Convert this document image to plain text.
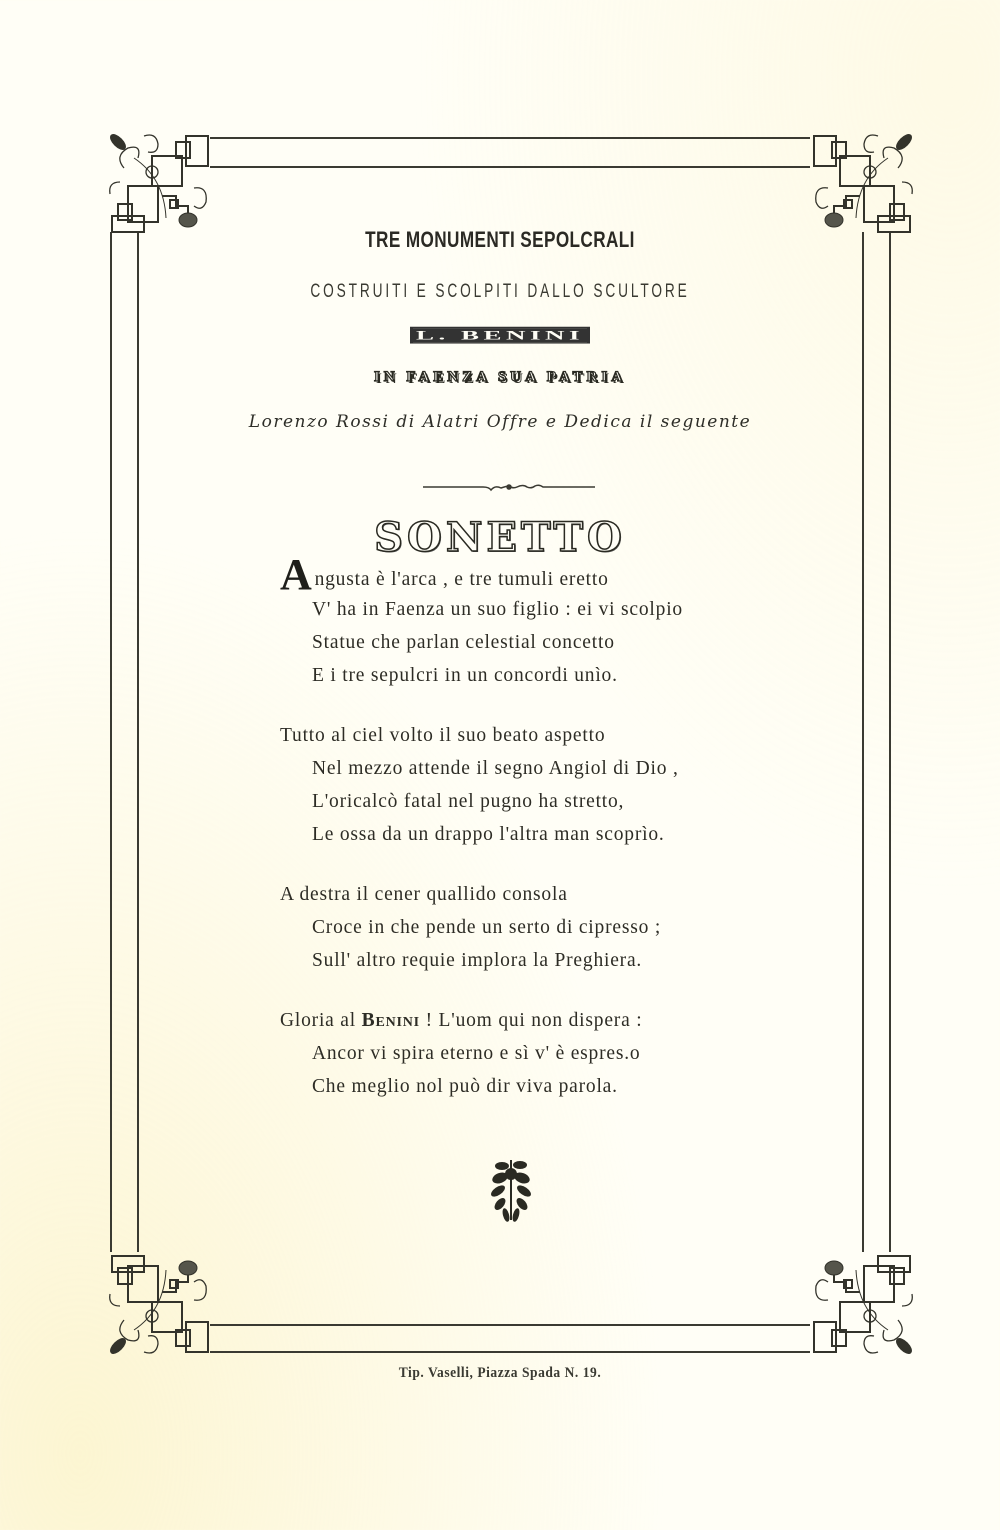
TRE MONUMENTI SEPOLCRALI
COSTRUITI E SCOLPITI DALLO SCULTORE
L. BENINI
IN FAENZA SUA PATRIA
Lorenzo Rossi di Alatri Offre e Dedica il seguente
SONETTO
Angusta è l'arca , e tre tumuli eretto
V' ha in Faenza un suo figlio : ei vi scolpio
Statue che parlan celestial concetto
E i tre sepulcri in un concordi unìo.
Tutto al ciel volto il suo beato aspetto
Nel mezzo attende il segno Angiol di Dio ,
L'oricalcò fatal nel pugno ha stretto,
Le ossa da un drappo l'altra man scoprìo.
A destra il cener quallido consola
Croce in che pende un serto di cipresso ;
Sull' altro requie implora la Preghiera.
Gloria al Benini ! L'uom qui non dispera :
Ancor vi spira eterno e sì v' è espres.o
Che meglio nol può dir viva parola.
Tip. Vaselli, Piazza Spada N. 19.
